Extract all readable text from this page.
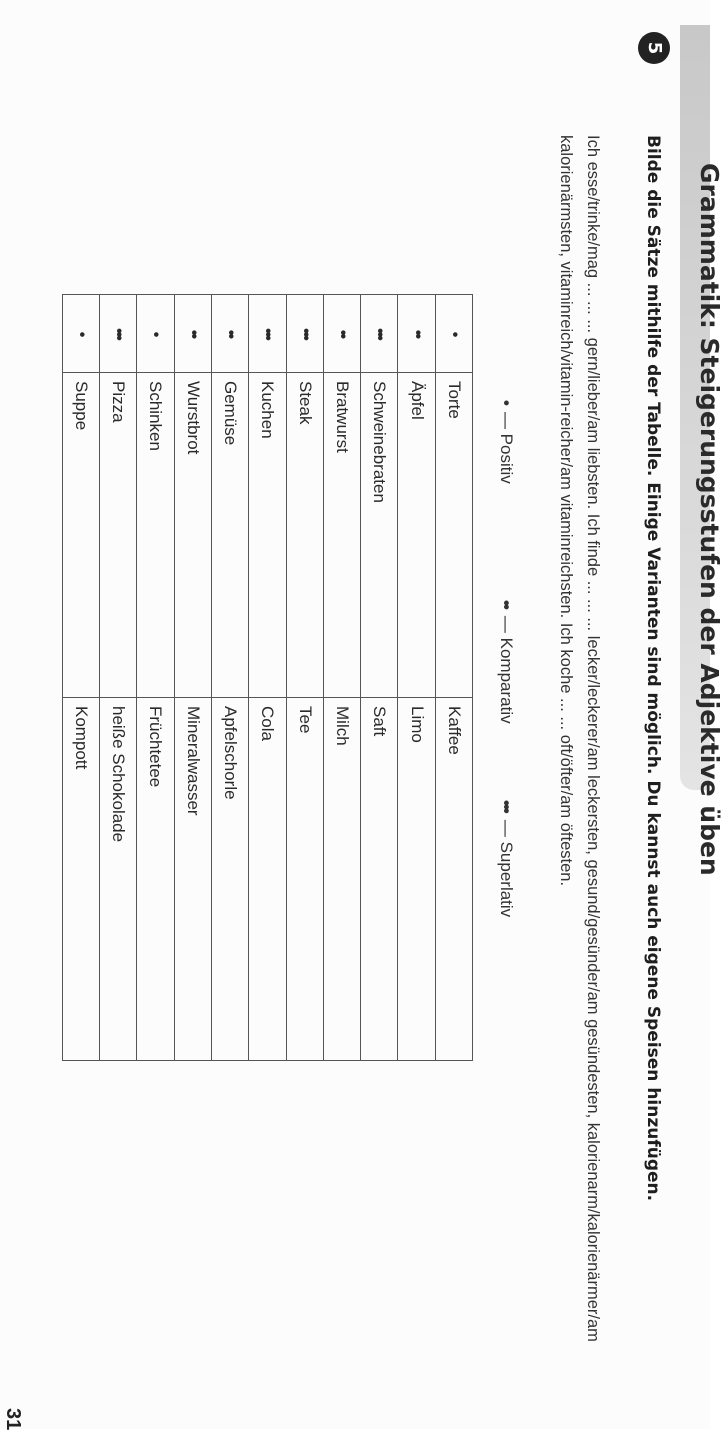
Grammatik: Steigerungsstufen der Adjektive üben
5
Bilde die Sätze mithilfe der Tabelle. Einige Varianten sind möglich. Du kannst auch eigene Speisen hinzufügen.
Ich esse/trinke/mag ... ... ... gern/lieber/am liebsten. Ich finde ... ... ... lecker/leckerer/am leckersten, gesund/gesünder/am gesündesten, kalorienarm/kalorienärmer/am kalorienärmsten, vitaminreich/vitamin-reicher/am vitaminreichsten. Ich koche ... ... oft/öfter/am öftesten.
•— Positiv
••— Komparativ
•••— Superlativ
•	Torte	Kaffee
••	Äpfel	Limo
•••	Schweinebraten	Saft
••	Bratwurst	Milch
•••	Steak	Tee
•••	Kuchen	Cola
••	Gemüse	Apfelschorle
••	Wurstbrot	Mineralwasser
•	Schinken	Früchtetee
•••	Pizza	heiße Schokolade
•	Suppe	Kompott
31
